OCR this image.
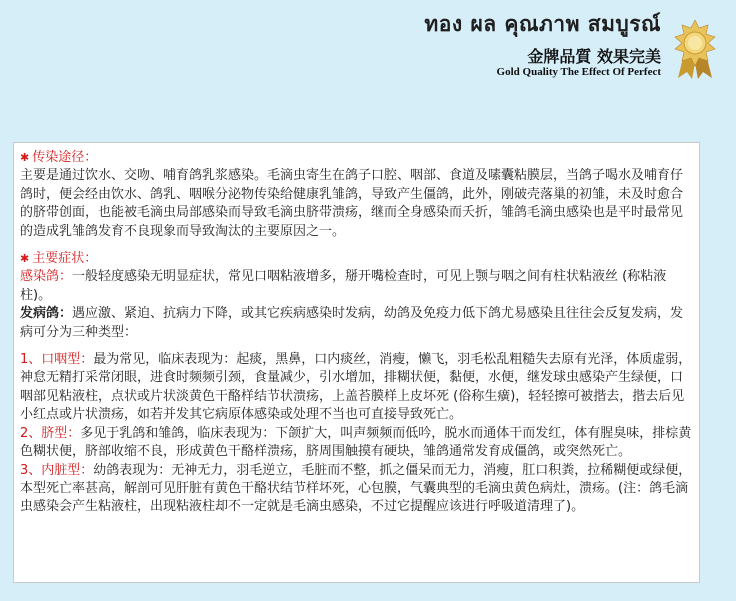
ทอง ผล คุณภาพ สมบูรณ์
金牌品質 效果完美
Gold Quality The Effect Of Perfect

✱ 传染途径：

主要是通过饮水、交吻、哺育鸽乳浆感染。毛滴虫寄生在鸽子口腔、咽部、食道及嗉囊粘膜层，当鸽子喝水及哺育仔鸽时，便会经由饮水、鸽乳、咽喉分泌物传染给健康乳雏鸽，导致产生僵鸽，此外，刚破壳落巢的初雏，未及时愈合的脐带创面，也能被毛滴虫局部感染而导致毛滴虫脐带溃疡，继而全身感染而夭折，雏鸽毛滴虫感染也是平时最常见的造成乳雏鸽发育不良现象而导致淘汰的主要原因之一。

✱ 主要症状：

感染鸽：一般轻度感染无明显症状，常见口咽粘液增多，掰开嘴检查时，可见上颚与咽之间有柱状粘液丝 (称粘液柱)。

发病鸽：遇应激、紧迫、抗病力下降，或其它疾病感染时发病，幼鸽及免疫力低下鸽尤易感染且往往会反复发病，发病可分为三种类型：

1、口咽型：最为常见，临床表现为：起痰，黑鼻，口内痰丝，消瘦，懒飞，羽毛松乱粗糙失去原有光泽，体质虚弱，神怠无精打采常闭眼，进食时频频引颈，食量减少，引水增加，排糊状便，黏便，水便，继发球虫感染产生绿便，口咽部见粘液柱，点状或片状淡黄色干酪样结节状溃疡，上盖苔膜样上皮坏死 (俗称生癀)，轻轻擦可被揩去，揩去后见小红点或片状溃疡，如若并发其它病原体感染或处理不当也可直接导致死亡。

2、脐型：多见于乳鸽和雏鸽，临床表现为：下颌扩大，叫声频频而低吟，脱水而通体干而发红，体有腥臭味，排棕黄色糊状便，脐部收缩不良，形成黄色干酪样溃疡，脐周围触摸有硬块，雏鸽通常发育成僵鸽，或突然死亡。

3、内脏型：幼鸽表现为：无神无力，羽毛逆立，毛脏而不整，抓之僵呆而无力，消瘦，肛口积粪，拉稀糊便或绿便，本型死亡率甚高，解剖可见肝脏有黄色干酪状结节样坏死，心包膜，气囊典型的毛滴虫黄色病灶，溃疡。(注：鸽毛滴虫感染会产生粘液柱，出现粘液柱却不一定就是毛滴虫感染，不过它提醒应该进行呼吸道清理了)。
